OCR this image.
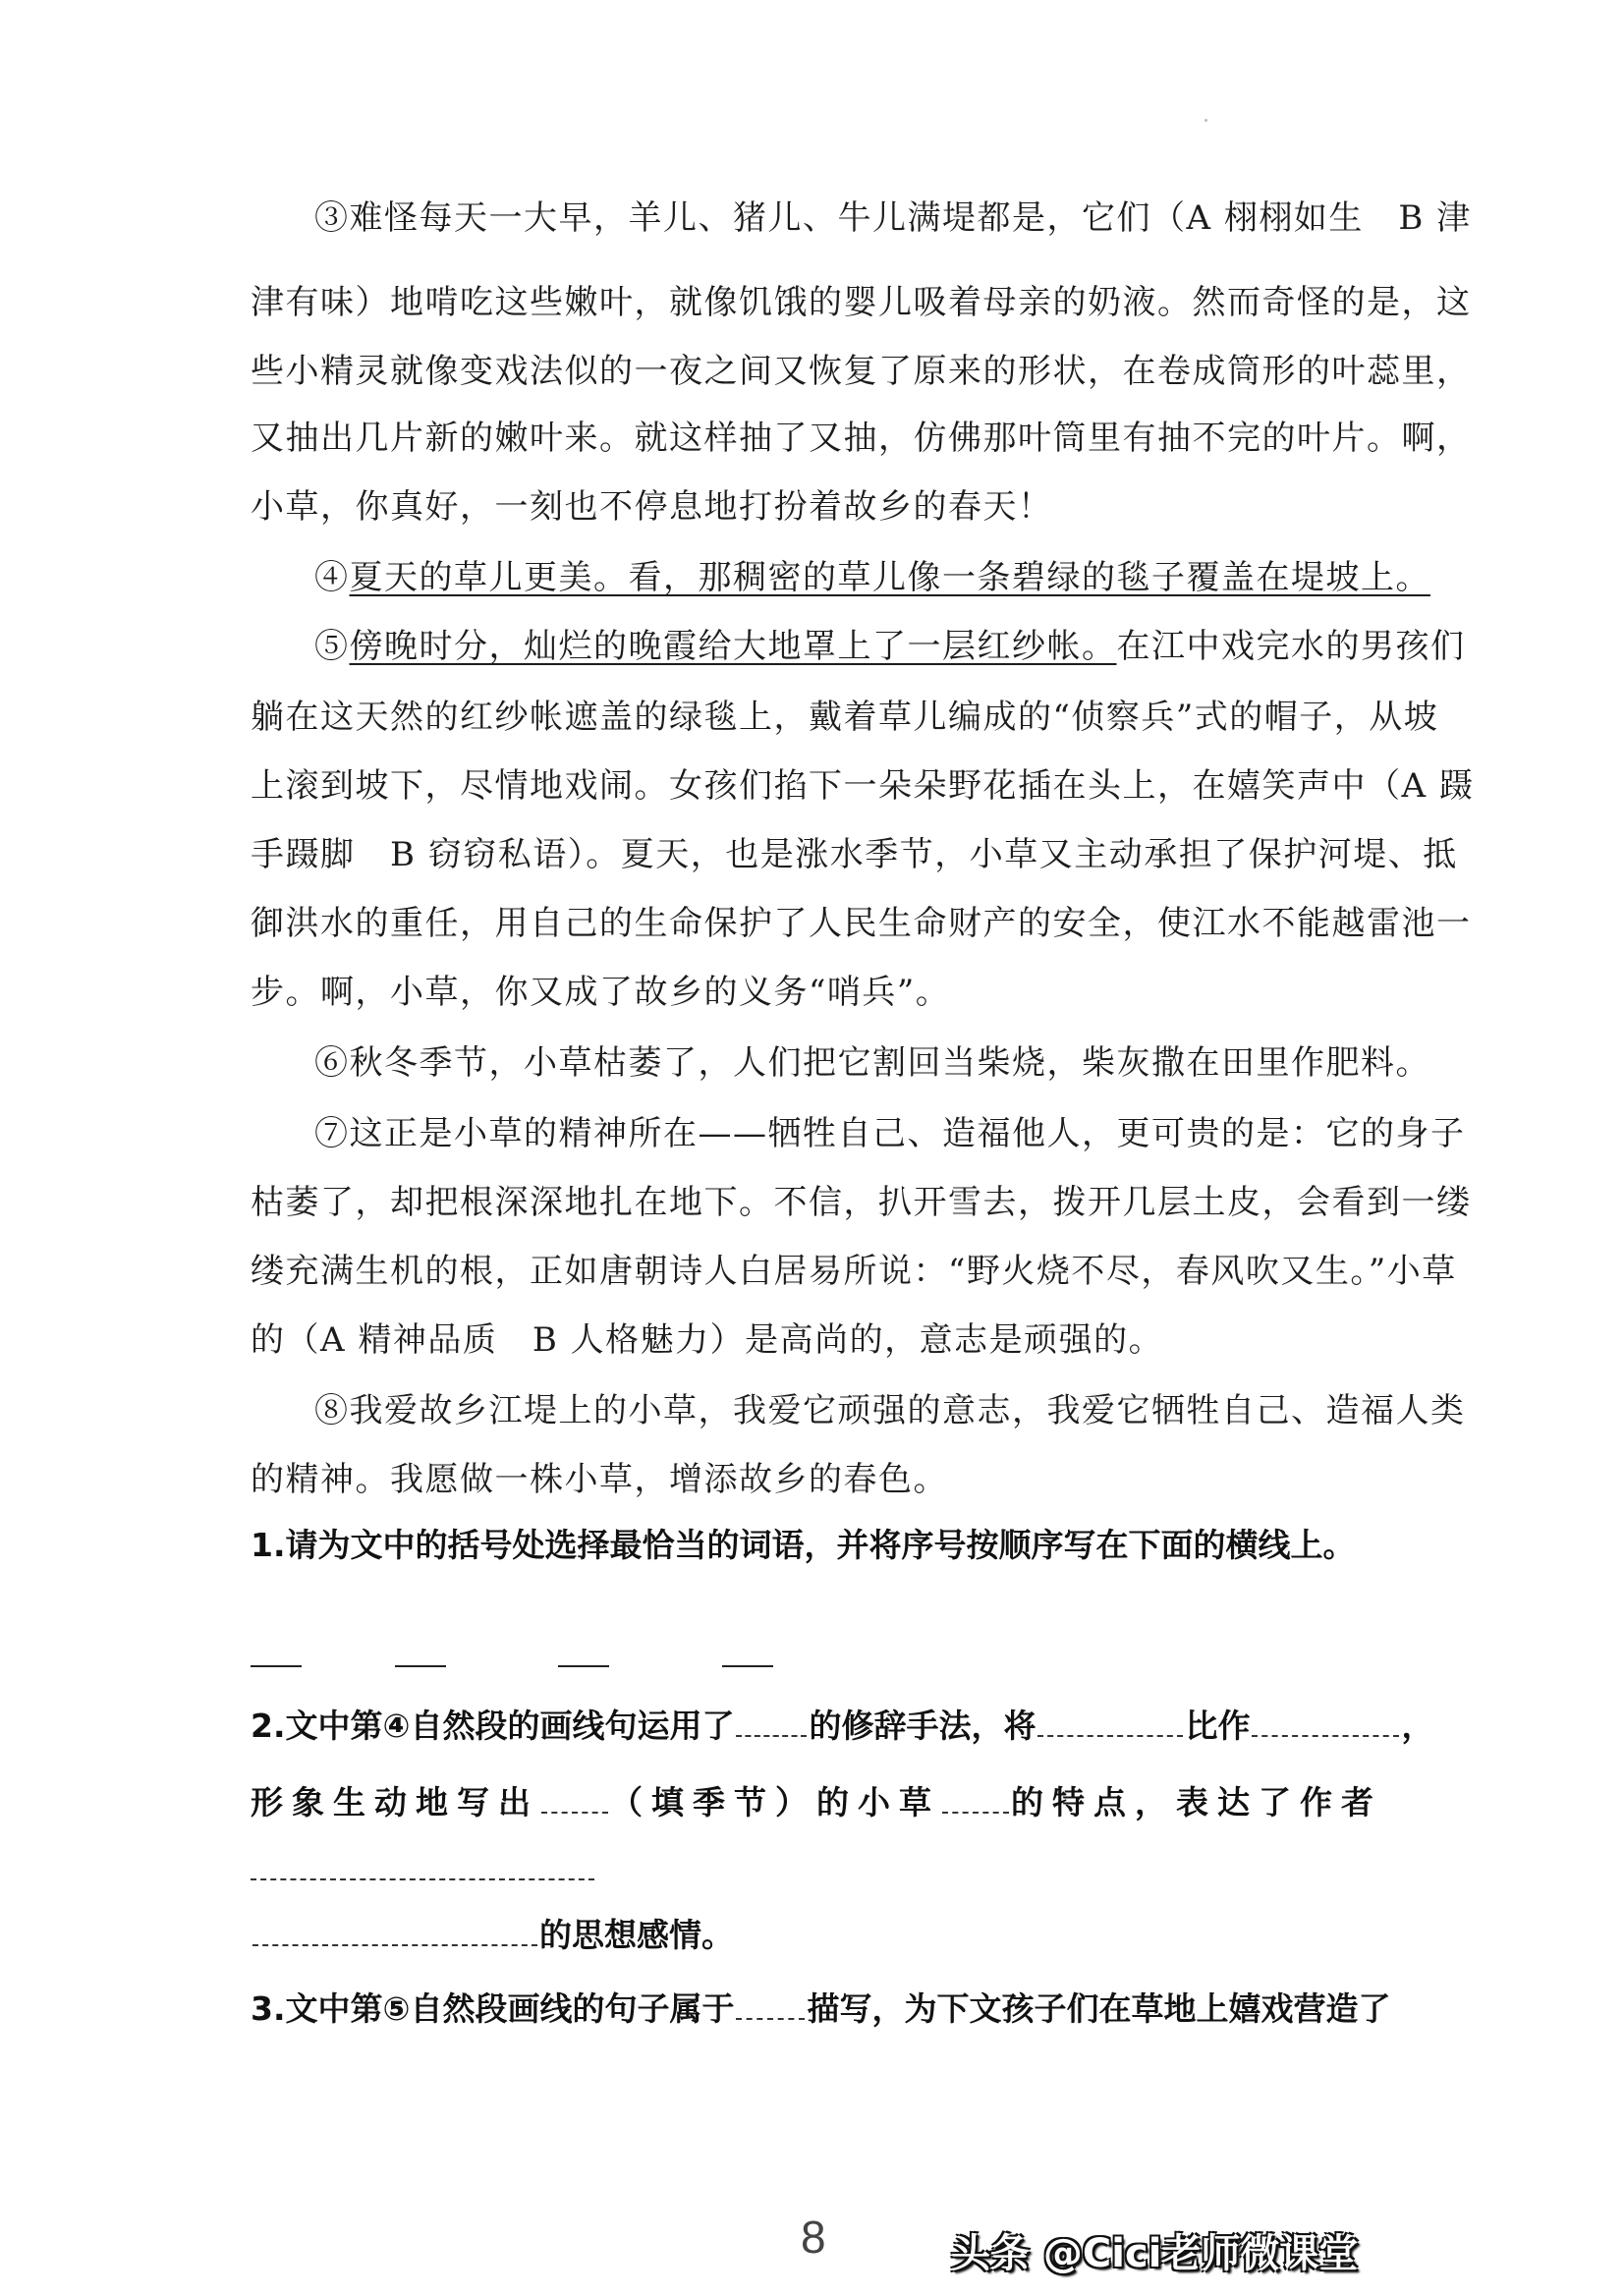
③难怪每天一大早，羊儿、猪儿、牛儿满堤都是，它们（A 栩栩如生　B 津
津有味）地啃吃这些嫩叶，就像饥饿的婴儿吸着母亲的奶液。然而奇怪的是，这
些小精灵就像变戏法似的一夜之间又恢复了原来的形状，在卷成筒形的叶蕊里，
又抽出几片新的嫩叶来。就这样抽了又抽，仿佛那叶筒里有抽不完的叶片。啊，
小草，你真好，一刻也不停息地打扮着故乡的春天！
④夏天的草儿更美。看，那稠密的草儿像一条碧绿的毯子覆盖在堤坡上。
⑤傍晚时分，灿烂的晚霞给大地罩上了一层红纱帐。在江中戏完水的男孩们
躺在这天然的红纱帐遮盖的绿毯上，戴着草儿编成的“侦察兵”式的帽子，从坡
上滚到坡下，尽情地戏闹。女孩们掐下一朵朵野花插在头上，在嬉笑声中（A 蹑
手蹑脚　B 窃窃私语）。夏天，也是涨水季节，小草又主动承担了保护河堤、抵
御洪水的重任，用自己的生命保护了人民生命财产的安全，使江水不能越雷池一
步。啊，小草，你又成了故乡的义务“哨兵”。
⑥秋冬季节，小草枯萎了，人们把它割回当柴烧，柴灰撒在田里作肥料。
⑦这正是小草的精神所在——牺牲自己、造福他人，更可贵的是：它的身子
枯萎了，却把根深深地扎在地下。不信，扒开雪去，拨开几层土皮，会看到一缕
缕充满生机的根，正如唐朝诗人白居易所说：“野火烧不尽，春风吹又生。”小草
的（A 精神品质　B 人格魅力）是高尚的，意志是顽强的。
⑧我爱故乡江堤上的小草，我爱它顽强的意志，我爱它牺牲自己、造福人类
的精神。我愿做一株小草，增添故乡的春色。
1.请为文中的括号处选择最恰当的词语，并将序号按顺序写在下面的横线上。
2.文中第④自然段的画线句运用了 的修辞手法，将	比作	，
形象生动地写出 （填季节）的小草 的特点，表达了作者
的思想感情。
3.文中第⑤自然段画线的句子属于 描写，为下文孩子们在草地上嬉戏营造了
8	头条 @Cici老师微课堂
